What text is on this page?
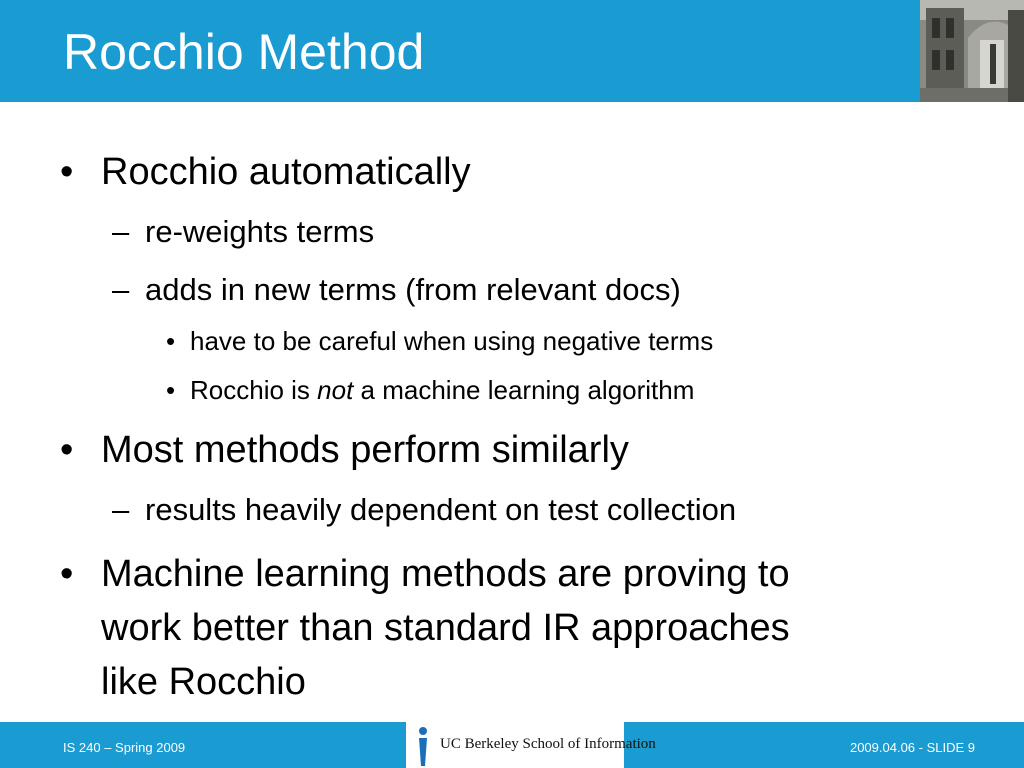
Rocchio Method
• Rocchio automatically
– re-weights terms
– adds in new terms (from relevant docs)
• have to be careful when using negative terms
• Rocchio is not a machine learning algorithm
• Most methods perform similarly
– results heavily dependent on test collection
• Machine learning methods are proving to
work better than standard IR approaches
like Rocchio
IS 240 – Spring 2009	UC Berkeley School of Information	2009.04.06 - SLIDE 9
